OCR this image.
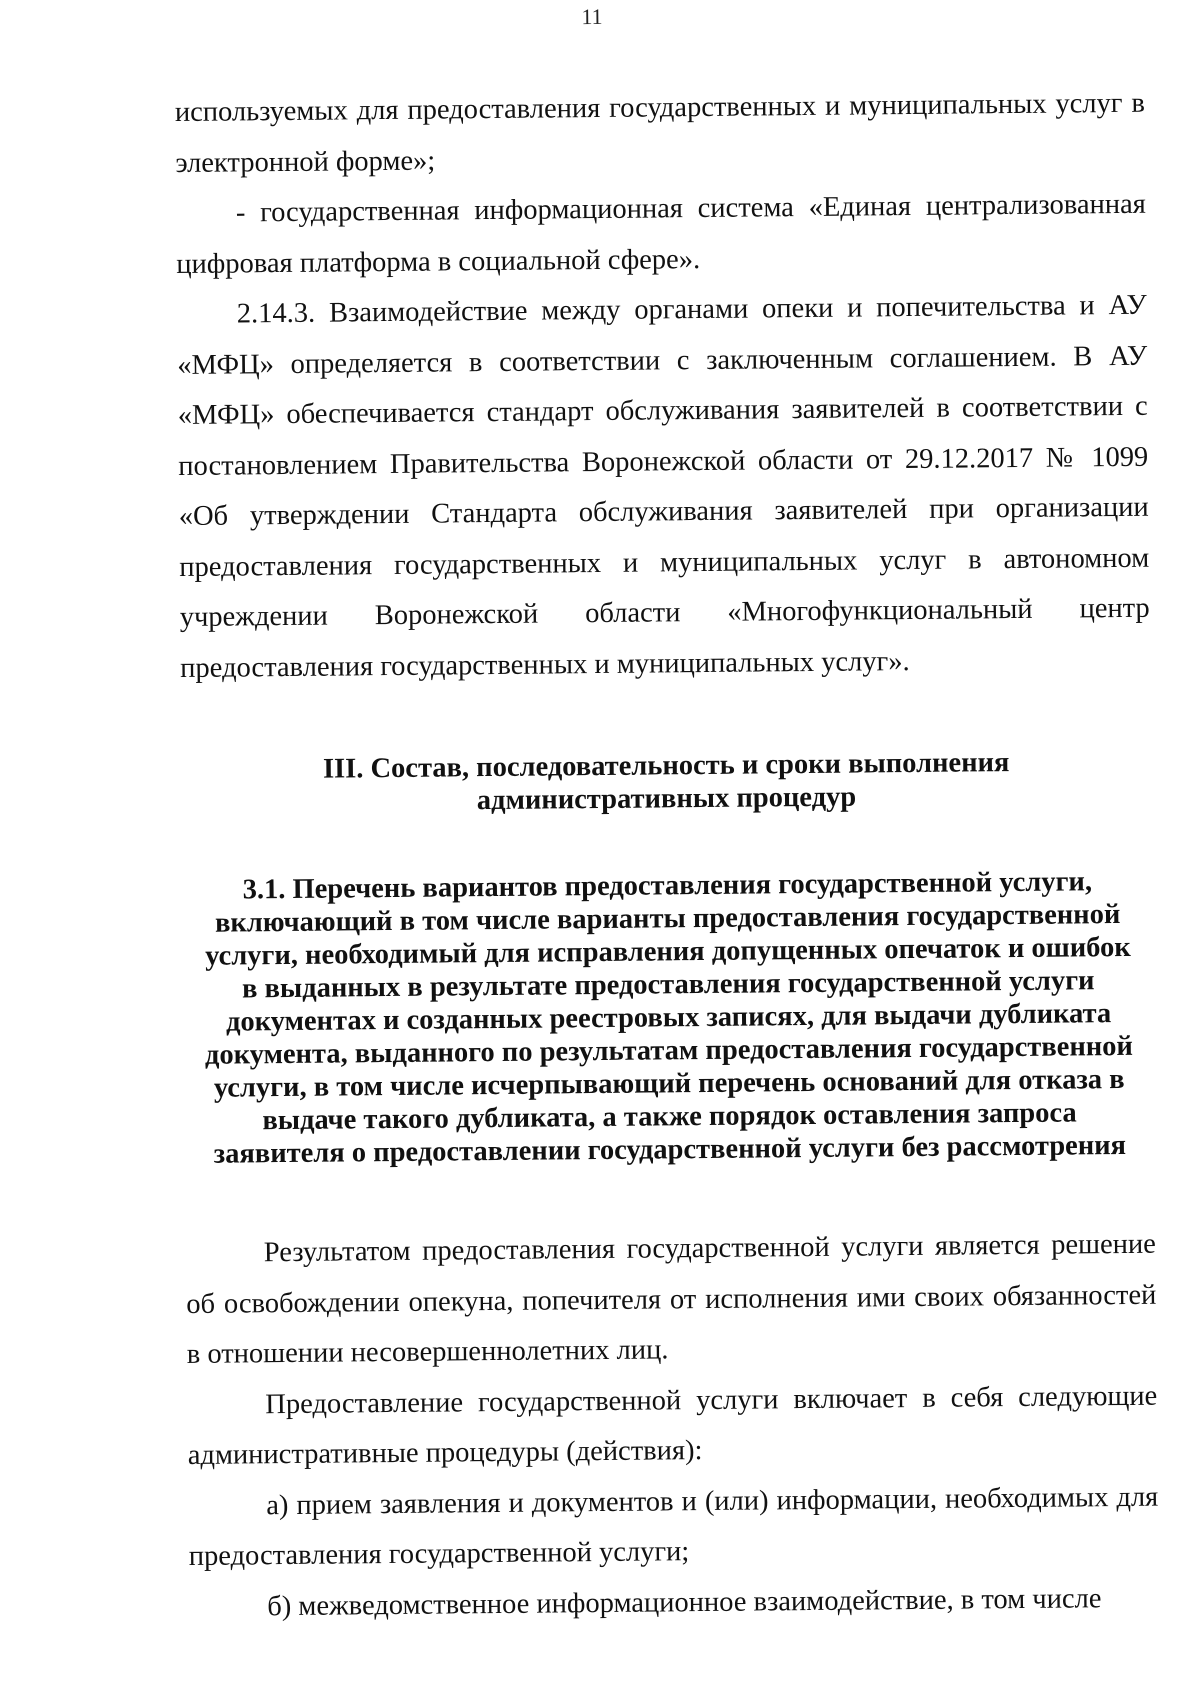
11

используемых для предоставления государственных и муниципальных услуг в электронной форме»;

- государственная информационная система «Единая централизованная цифровая платформа в социальной сфере».

2.14.3. Взаимодействие между органами опеки и попечительства и АУ «МФЦ» определяется в соответствии с заключенным соглашением. В АУ «МФЦ» обеспечивается стандарт обслуживания заявителей в соответствии с постановлением Правительства Воронежской области от 29.12.2017 № 1099 «Об утверждении Стандарта обслуживания заявителей при организации предоставления государственных и муниципальных услуг в автономном учреждении Воронежской области «Многофункциональный центр предоставления государственных и муниципальных услуг».

III. Состав, последовательность и сроки выполнения
административных процедур
3.1. Перечень вариантов предоставления государственной услуги,
включающий в том числе варианты предоставления государственной
услуги, необходимый для исправления допущенных опечаток и ошибок
в выданных в результате предоставления государственной услуги
документах и созданных реестровых записях, для выдачи дубликата
документа, выданного по результатам предоставления государственной
услуги, в том числе исчерпывающий перечень оснований для отказа в
выдаче такого дубликата, а также порядок оставления запроса
заявителя о предоставлении государственной услуги без рассмотрения

Результатом предоставления государственной услуги является решение об освобождении опекуна, попечителя от исполнения ими своих обязанностей в отношении несовершеннолетних лиц.

Предоставление государственной услуги включает в себя следующие административные процедуры (действия):

а) прием заявления и документов и (или) информации, необходимых для предоставления государственной услуги;

б) межведомственное информационное взаимодействие, в том числе
